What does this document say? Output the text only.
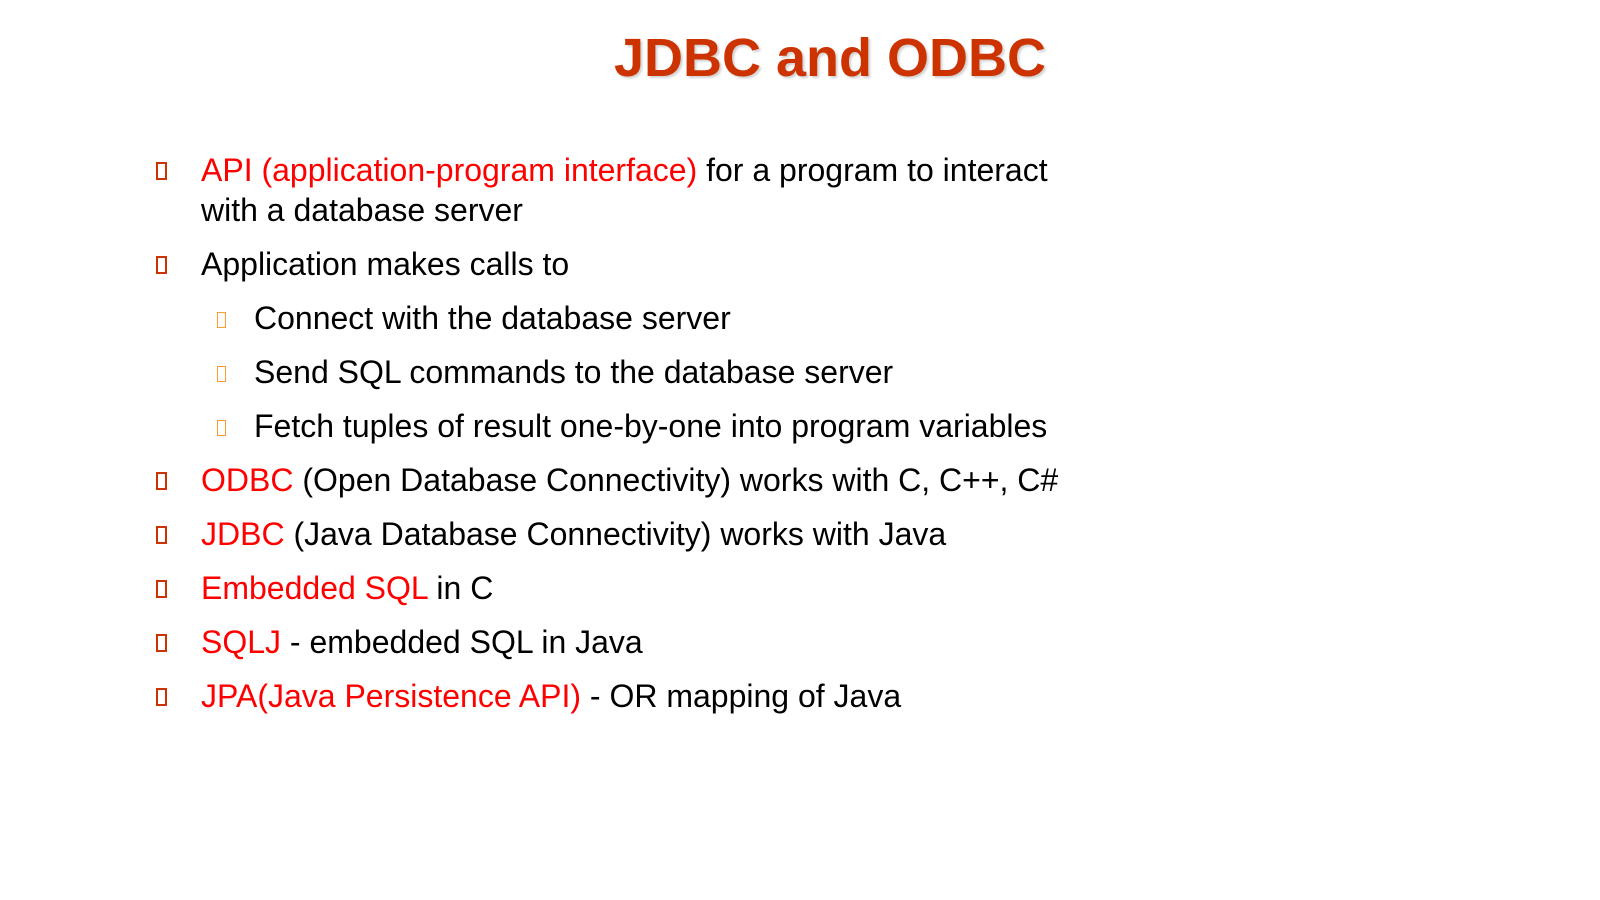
JDBC and ODBC
API (application-program interface) for a program to interact
with a database server
Application makes calls to
Connect with the database server
Send SQL commands to the database server
Fetch tuples of result one-by-one into program variables
ODBC (Open Database Connectivity) works with C, C++, C#
JDBC (Java Database Connectivity) works with Java
Embedded SQL in C
SQLJ - embedded SQL in Java
JPA(Java Persistence API) - OR mapping of Java
